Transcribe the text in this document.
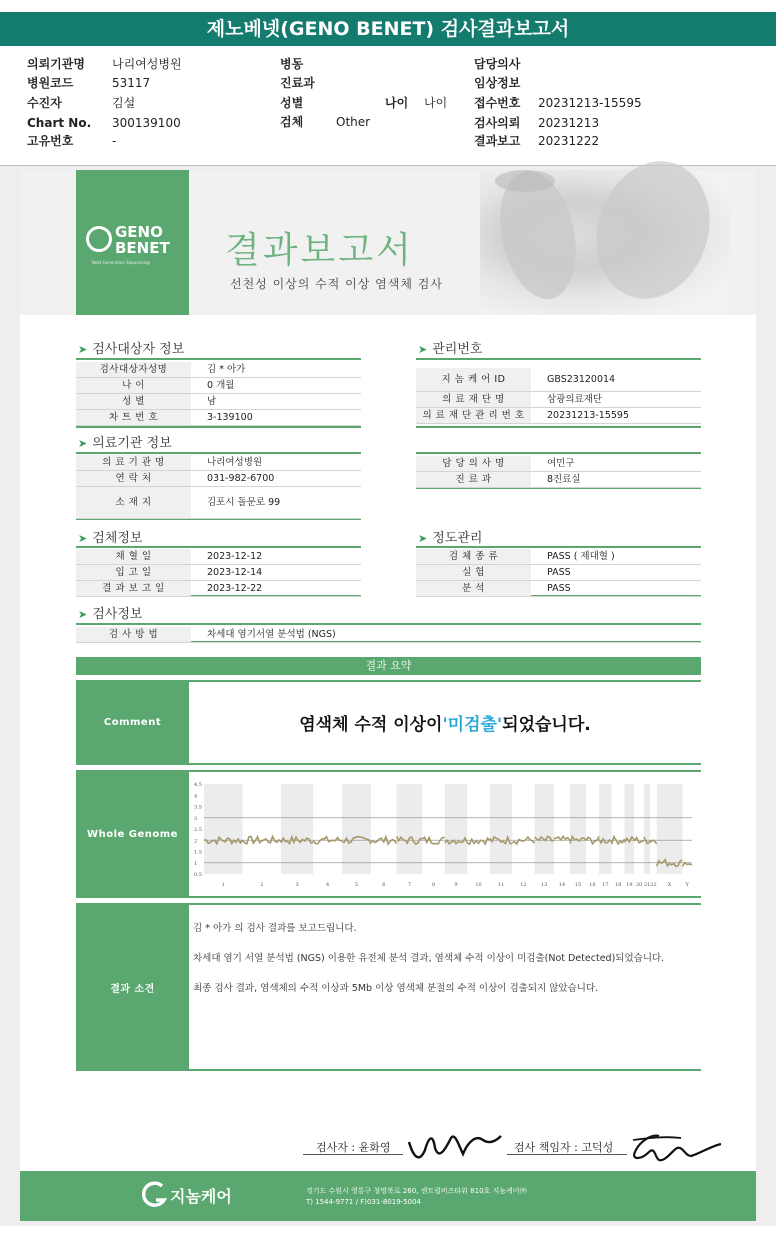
제노베넷(GENO BENET) 검사결과보고서
의뢰기관명 나리여성병원
병원코드	53117
수진자	김설
Chart No. 300139100
고유번호	-
병동
진료과
성별	나이 나이
검체	Other
담당의사
임상정보
접수번호 20231213-15595
검사의뢰 20231213
결과보고 20231222
GENO
BENET
Next Generation Sequencing 결과보고서
선천성 이상의 수적 이상 염색체 검사
➤ 검사대상자 정보	➤ 관리번호
➤ 의료기관 정보
➤ 검체정보	➤ 정도관리
➤ 검사정보
검사대상자성명	김 * 아가
나 이	0 개월
성 별	남
차 트 번 호	3-139100
지 놈 케 어 ID	GBS23120014
의 료 재 단 명	삼광의료재단
의 료 재 단 관 리 번 호	20231213-15595
의 료 기 관 명	나리여성병원
연 락 처	031-982-6700
소 재 지	김포시 돌문로 99
담 당 의 사 명	여민구
진 료 과	8진료실
채 혈 일	2023-12-12
입 고 일	2023-12-14
결 과 보 고 일	2023-12-22
검 체 종 류	PASS ( 제대혈 )
실 험	PASS
분 석	PASS
검 사 방 법	차세대 염기서열 분석법 (NGS)
결과 요약
Comment	염색체 수적 이상이 '미검출' 되었습니다.
Whole Genome
4.5
4
3.5
3
2.5
2
1.5
1
0.5
1	2	3	4	5	6	7	8	9	10	11	12	13 14 15 16 17 18 19 20 21 22 X	Y
결과 소견

김 * 아가 의 검사 결과를 보고드립니다.

차세대 염기 서열 분석법 (NGS) 이용한 유전체 분석 결과, 염색체 수적 이상이 미검출(Not Detected)되었습니다.

최종 검사 결과, 염색체의 수적 이상과 5Mb 이상 염색체 분절의 수적 이상이 검출되지 않았습니다.

검사자 : 윤화영	검사 책임자 : 고덕성
지놈케어	경기도 수원시 영통구 청명북로 260, 센트럴비즈타워 810호 지놈케어㈜
T) 1544-9771 / F)031-8019-5004
